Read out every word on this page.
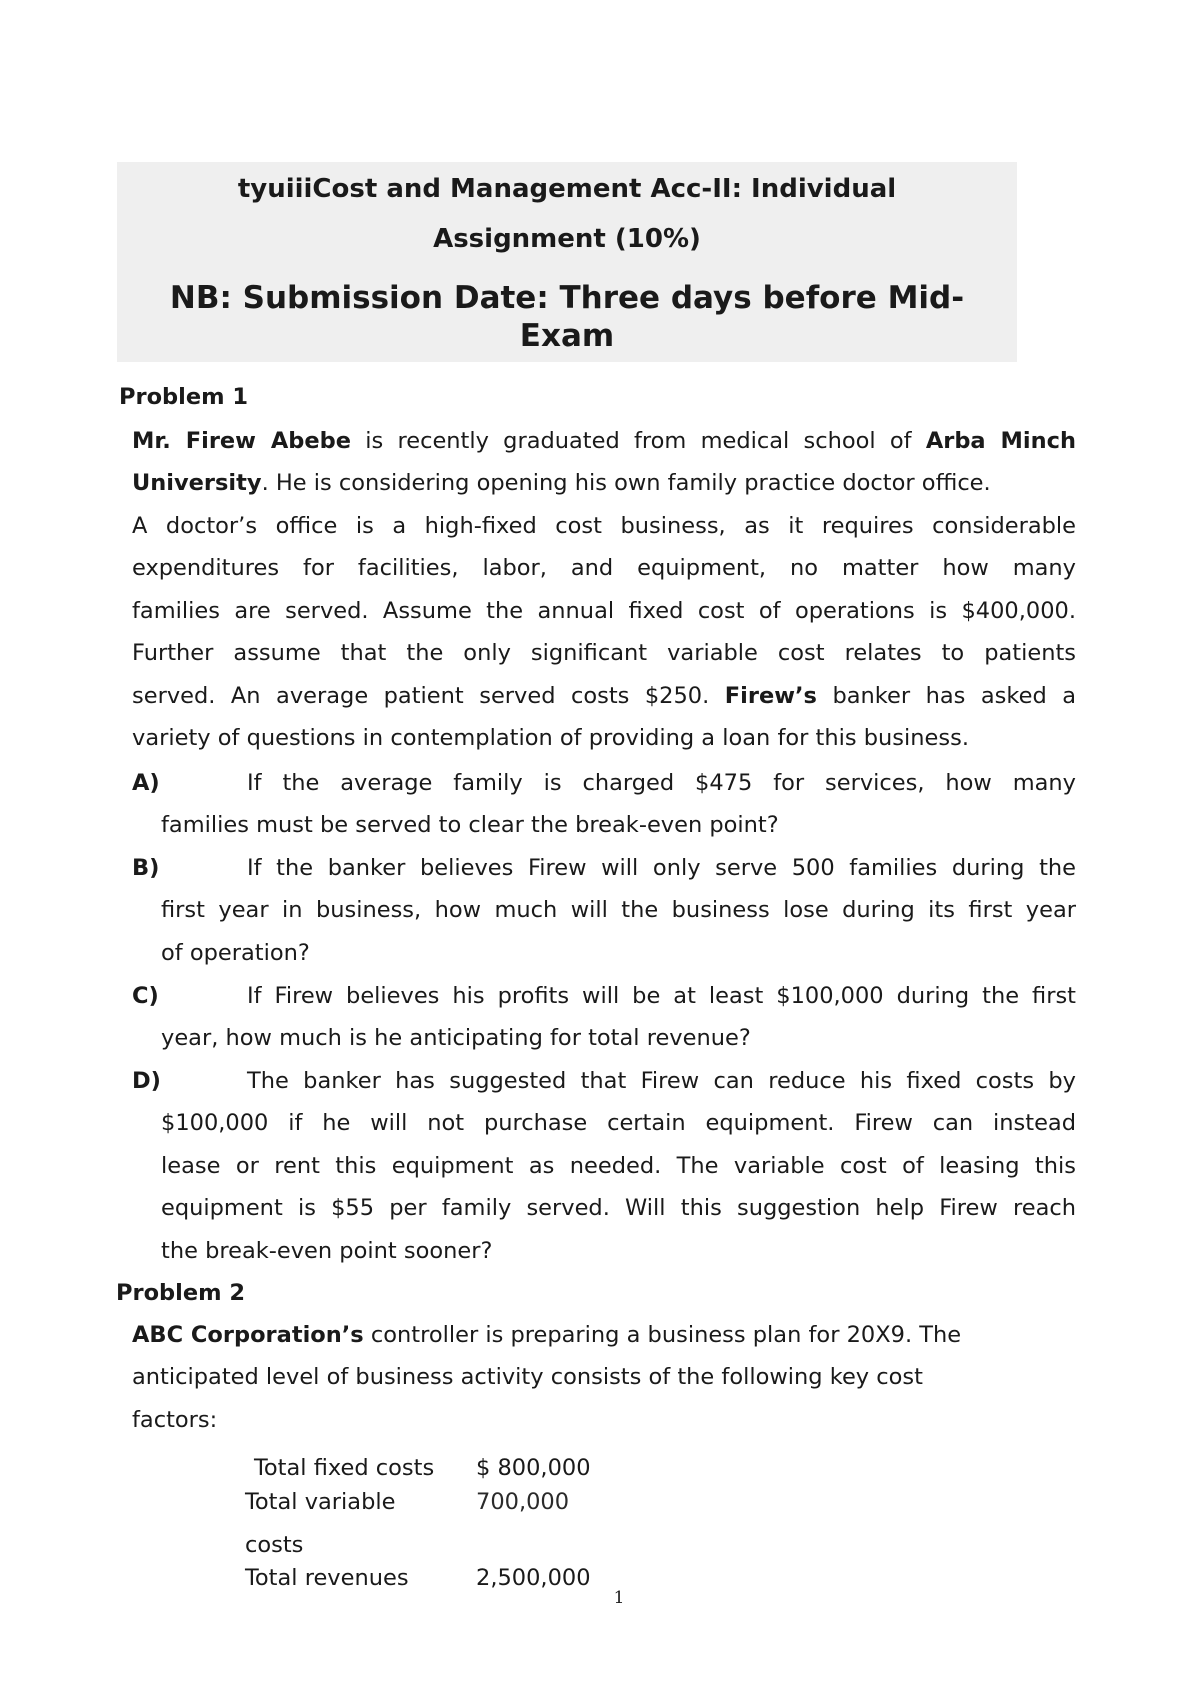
tyuiiiCost and Management Acc-II: Individual
Assignment (10%)
NB: Submission Date: Three days before Mid-
Exam
Problem 1
Mr. Firew Abebe is recently graduated from medical school of Arba Minch
University. He is considering opening his own family practice doctor office.
A doctor’s office is a high-fixed cost business, as it requires considerable
expenditures for facilities, labor, and equipment, no matter how many
families are served. Assume the annual fixed cost of operations is $400,000.
Further assume that the only significant variable cost relates to patients
served. An average patient served costs $250. Firew’s banker has asked a
variety of questions in contemplation of providing a loan for this business.
A)	If the average family is charged $475 for services, how many
families must be served to clear the break-even point?
B)	If the banker believes Firew will only serve 500 families during the
first year in business, how much will the business lose during its first year
of operation?
C)	If Firew believes his profits will be at least $100,000 during the first
year, how much is he anticipating for total revenue?
D)	The banker has suggested that Firew can reduce his fixed costs by
$100,000 if he will not purchase certain equipment. Firew can instead
lease or rent this equipment as needed. The variable cost of leasing this
equipment is $55 per family served. Will this suggestion help Firew reach
the break-even point sooner?
Problem 2
ABC Corporation’s controller is preparing a business plan for 20X9. The
anticipated level of business activity consists of the following key cost
factors:
Total fixed costs $ 800,000
Total variable	700,000
costs
Total revenues	2,500,000
1
